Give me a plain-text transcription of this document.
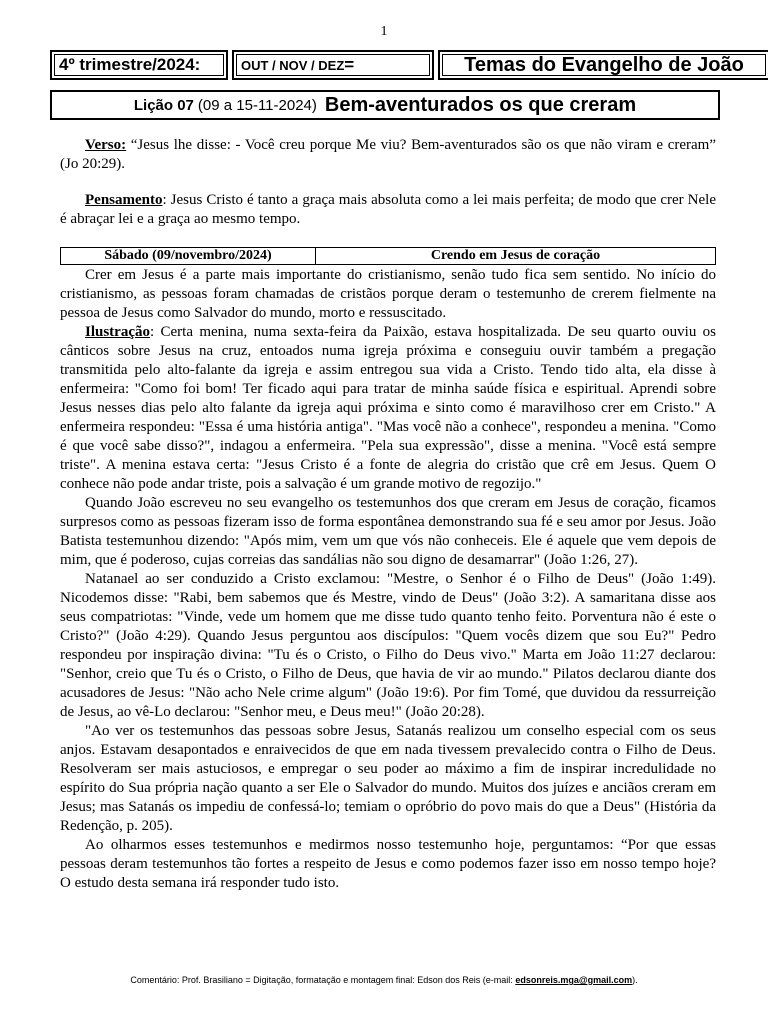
1
4º trimestre/2024:	OUT / NOV / DEZ =	Temas do Evangelho de João
Lição 07 (09 a 15-11-2024) Bem-aventurados os que creram

Verso: “Jesus lhe disse: - Você creu porque Me viu? Bem-aventurados são os que não viram e creram” (Jo 20:29).

Pensamento: Jesus Cristo é tanto a graça mais absoluta como a lei mais perfeita; de modo que crer Nele é abraçar lei e a graça ao mesmo tempo.

Sábado (09/novembro/2024)	Crendo em Jesus de coração

Crer em Jesus é a parte mais importante do cristianismo, senão tudo fica sem sentido. No início do cristianismo, as pessoas foram chamadas de cristãos porque deram o testemunho de crerem fielmente na pessoa de Jesus como Salvador do mundo, morto e ressuscitado.

Ilustração: Certa menina, numa sexta-feira da Paixão, estava hospitalizada. De seu quarto ouviu os cânticos sobre Jesus na cruz, entoados numa igreja próxima e conseguiu ouvir também a pregação transmitida pelo alto-falante da igreja e assim entregou sua vida a Cristo. Tendo tido alta, ela disse à enfermeira: "Como foi bom! Ter ficado aqui para tratar de minha saúde física e espiritual. Aprendi sobre Jesus nesses dias pelo alto falante da igreja aqui próxima e sinto como é maravilhoso crer em Cristo." A enfermeira respondeu: "Essa é uma história antiga". "Mas você não a conhece", respondeu a menina. "Como é que você sabe disso?", indagou a enfermeira. "Pela sua expressão", disse a menina. "Você está sempre triste". A menina estava certa: "Jesus Cristo é a fonte de alegria do cristão que crê em Jesus. Quem O conhece não pode andar triste, pois a salvação é um grande motivo de regozijo."

Quando João escreveu no seu evangelho os testemunhos dos que creram em Jesus de coração, ficamos surpresos como as pessoas fizeram isso de forma espontânea demonstrando sua fé e seu amor por Jesus. João Batista testemunhou dizendo: "Após mim, vem um que vós não conheceis. Ele é aquele que vem depois de mim, que é poderoso, cujas correias das sandálias não sou digno de desamarrar" (João 1:26, 27).

Natanael ao ser conduzido a Cristo exclamou: "Mestre, o Senhor é o Filho de Deus" (João 1:49). Nicodemos disse: "Rabi, bem sabemos que és Mestre, vindo de Deus" (João 3:2). A samaritana disse aos seus compatriotas: "Vinde, vede um homem que me disse tudo quanto tenho feito. Porventura não é este o Cristo?" (João 4:29). Quando Jesus perguntou aos discípulos: "Quem vocês dizem que sou Eu?" Pedro respondeu por inspiração divina: "Tu és o Cristo, o Filho do Deus vivo." Marta em João 11:27 declarou: "Senhor, creio que Tu és o Cristo, o Filho de Deus, que havia de vir ao mundo." Pilatos declarou diante dos acusadores de Jesus: "Não acho Nele crime algum" (João 19:6). Por fim Tomé, que duvidou da ressurreição de Jesus, ao vê-Lo declarou: "Senhor meu, e Deus meu!" (João 20:28).

"Ao ver os testemunhos das pessoas sobre Jesus, Satanás realizou um conselho especial com os seus anjos. Estavam desapontados e enraivecidos de que em nada tivessem prevalecido contra o Filho de Deus. Resolveram ser mais astuciosos, e empregar o seu poder ao máximo a fim de inspirar incredulidade no espírito do Sua própria nação quanto a ser Ele o Salvador do mundo. Muitos dos juízes e anciãos creram em Jesus; mas Satanás os impediu de confessá-lo; temiam o opróbrio do povo mais do que a Deus" (História da Redenção, p. 205).

Ao olharmos esses testemunhos e medirmos nosso testemunho hoje, perguntamos: “Por que essas pessoas deram testemunhos tão fortes a respeito de Jesus e como podemos fazer isso em nosso tempo hoje? O estudo desta semana irá responder tudo isto.

Comentário: Prof. Brasiliano = Digitação, formatação e montagem final: Edson dos Reis (e-mail: edsonreis.mga@gmail.com).
